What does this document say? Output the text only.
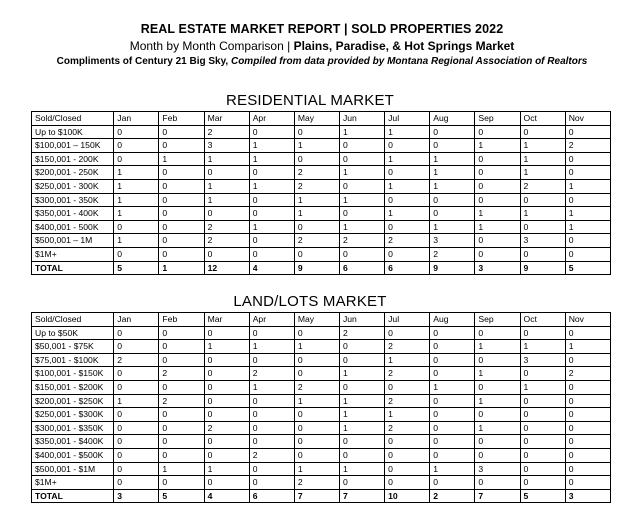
REAL ESTATE MARKET REPORT | SOLD PROPERTIES 2022
Month by Month Comparison | Plains, Paradise, & Hot Springs Market
Compliments of Century 21 Big Sky, Compiled from data provided by Montana Regional Association of Realtors
RESIDENTIAL MARKET
Sold/Closed	Jan	Feb	Mar	Apr	May	Jun	Jul	Aug	Sep	Oct	Nov
Up to $100K	0	0	2	0	0	1	1	0	0	0	0
$100,001 – 150K	0	0	3	1	1	0	0	0	1	1	2
$150,001 - 200K	0	1	1	1	0	0	1	1	0	1	0
$200,001 - 250K	1	0	0	0	2	1	0	1	0	1	0
$250,001 - 300K	1	0	1	1	2	0	1	1	0	2	1
$300,001 - 350K	1	0	1	0	1	1	0	0	0	0	0
$350,001 - 400K	1	0	0	0	1	0	1	0	1	1	1
$400,001 - 500K	0	0	2	1	0	1	0	1	1	0	1
$500,001 – 1M	1	0	2	0	2	2	2	3	0	3	0
$1M+	0	0	0	0	0	0	0	2	0	0	0
TOTAL	5	1	12	4	9	6	6	9	3	9	5
LAND/LOTS MARKET
Sold/Closed	Jan	Feb	Mar	Apr	May	Jun	Jul	Aug	Sep	Oct	Nov
Up to $50K	0	0	0	0	0	2	0	0	0	0	0
$50,001 - $75K	0	0	1	1	1	0	2	0	1	1	1
$75,001 - $100K	2	0	0	0	0	0	1	0	0	3	0
$100,001 - $150K	0	2	0	2	0	1	2	0	1	0	2
$150,001 - $200K	0	0	0	1	2	0	0	1	0	1	0
$200,001 - $250K	1	2	0	0	1	1	2	0	1	0	0
$250,001 - $300K	0	0	0	0	0	1	1	0	0	0	0
$300,001 - $350K	0	0	2	0	0	1	2	0	1	0	0
$350,001 - $400K	0	0	0	0	0	0	0	0	0	0	0
$400,001 - $500K	0	0	0	2	0	0	0	0	0	0	0
$500,001 - $1M	0	1	1	0	1	1	0	1	3	0	0
$1M+	0	0	0	0	2	0	0	0	0	0	0
TOTAL	3	5	4	6	7	7	10	2	7	5	3
